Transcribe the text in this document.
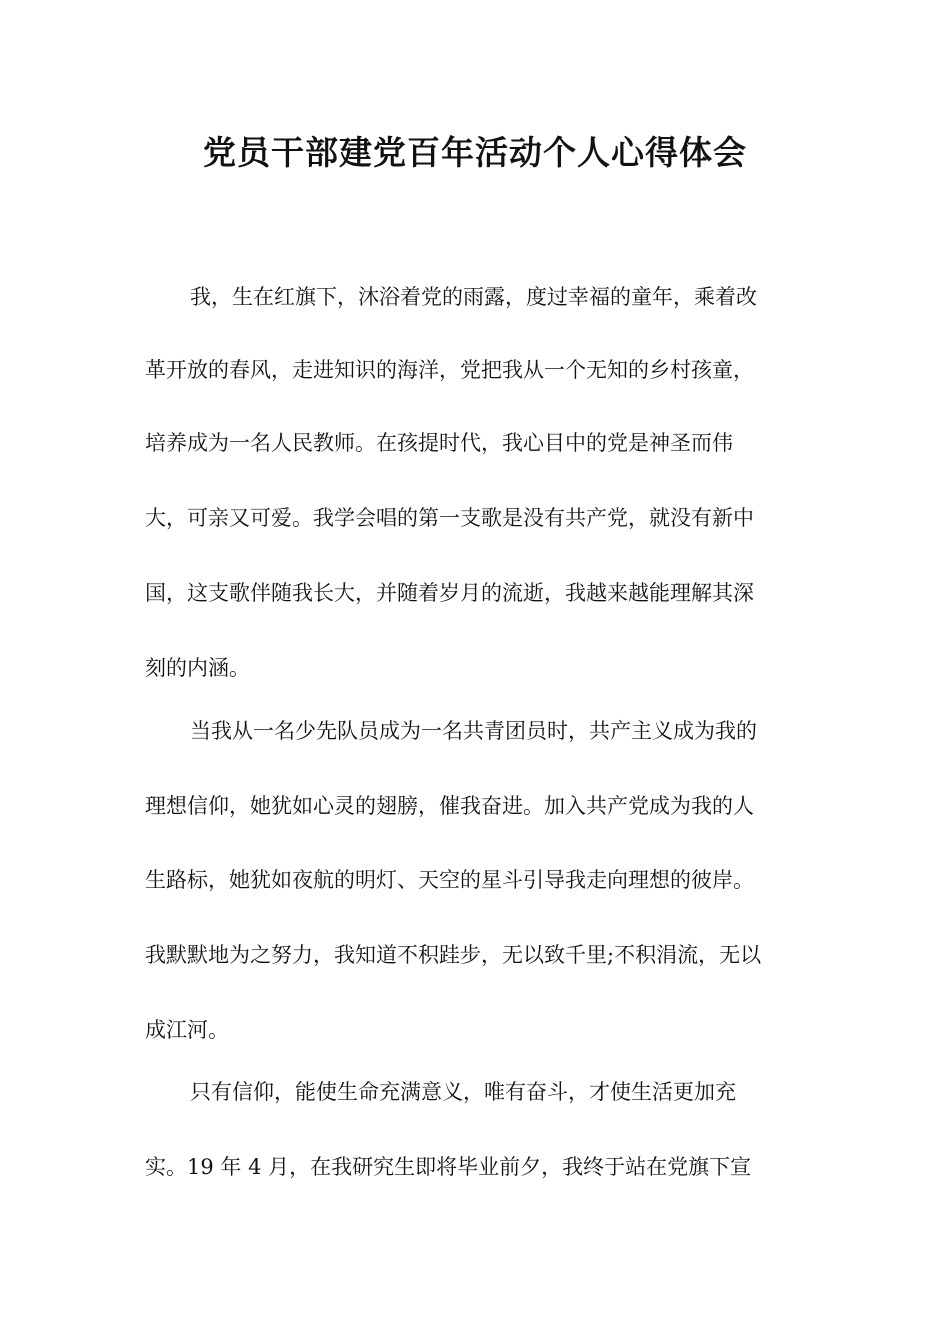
党员干部建党百年活动个人心得体会

我，生在红旗下，沐浴着党的雨露，度过幸福的童年，乘着改

革开放的春风，走进知识的海洋，党把我从一个无知的乡村孩童，

培养成为一名人民教师。在孩提时代，我心目中的党是神圣而伟

大，可亲又可爱。我学会唱的第一支歌是没有共产党，就没有新中

国，这支歌伴随我长大，并随着岁月的流逝，我越来越能理解其深

刻的内涵。

当我从一名少先队员成为一名共青团员时，共产主义成为我的

理想信仰，她犹如心灵的翅膀，催我奋进。加入共产党成为我的人

生路标，她犹如夜航的明灯、天空的星斗引导我走向理想的彼岸。

我默默地为之努力，我知道不积跬步，无以致千里;不积涓流，无以

成江河。

只有信仰，能使生命充满意义，唯有奋斗，才使生活更加充

实。19 年 4 月，在我研究生即将毕业前夕，我终于站在党旗下宣
